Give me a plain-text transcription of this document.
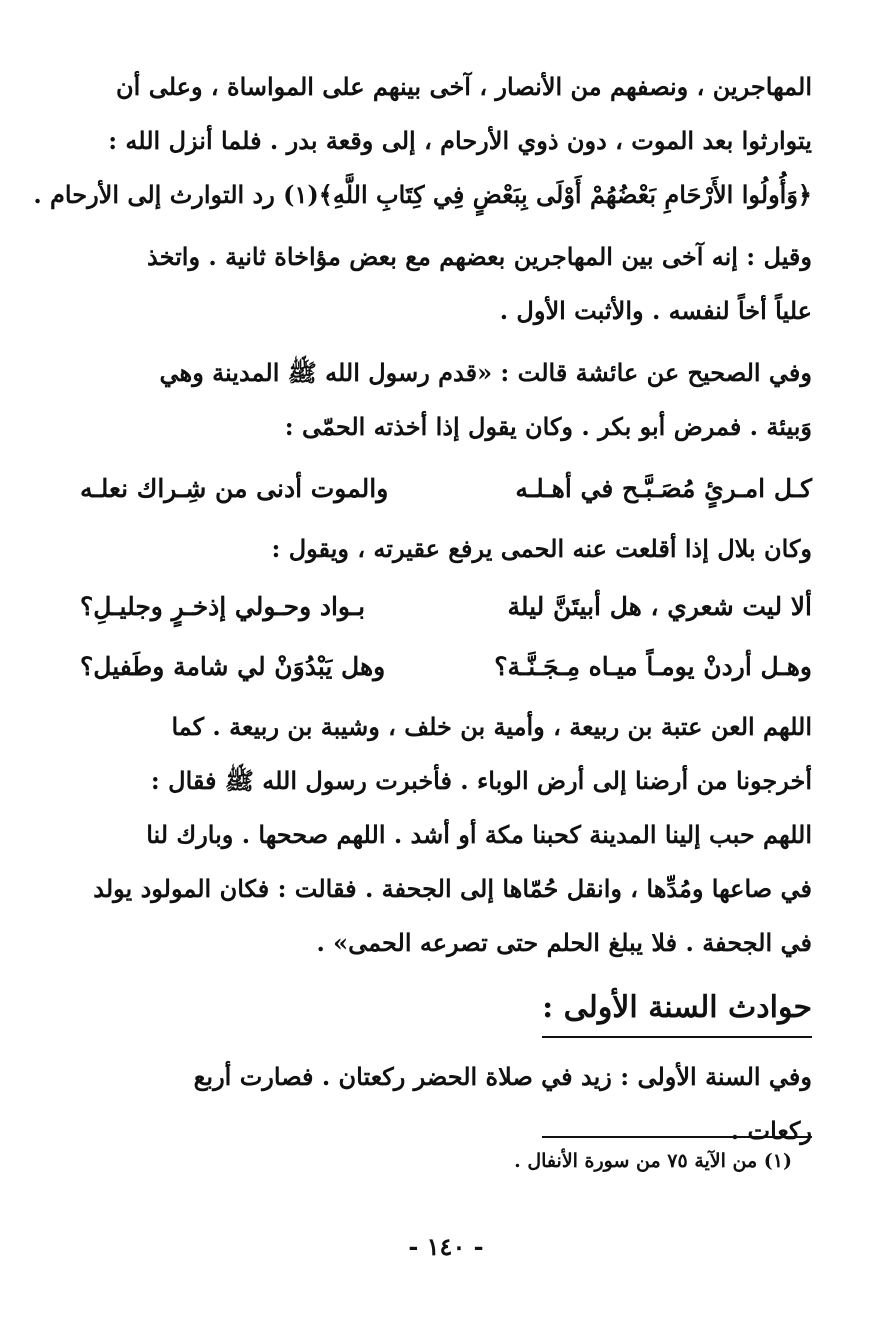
المهاجرين ، ونصفهم من الأنصار ، آخى بينهم على المواساة ، وعلى أن
يتوارثوا بعد الموت ، دون ذوي الأرحام ، إلى وقعة بدر . فلما أنزل الله :
﴿وَأُولُوا الأَرْحَامِ بَعْضُهُمْ أَوْلَى بِبَعْضٍ فِي كِتَابِ اللَّهِ﴾(١) رد التوارث إلى الأرحام .
وقيل : إنه آخى بين المهاجرين بعضهم مع بعض مؤاخاة ثانية . واتخذ
علياً أخاً لنفسه . والأثبت الأول .
وفي الصحيح عن عائشة قالت : «قدم رسول الله ﷺ المدينة وهي
وَبيئة . فمرض أبو بكر . وكان يقول إذا أخذته الحمّى :
كـل امـرئٍ مُصَـبَّـح في أهـلـه
والموت أدنى من شِـراك نعلـه
وكان بلال إذا أقلعت عنه الحمى يرفع عقيرته ، ويقول :
ألا ليت شعري ، هل أبيتَنَّ ليلة
بـواد وحـولي إذخـرٍ وجليـلِ؟
وهـل أردنْ يومـاً ميـاه مِـجَـنَّـة؟
وهل يَبْدُوَنْ لي شامة وطَفيل؟
اللهم العن عتبة بن ربيعة ، وأمية بن خلف ، وشيبة بن ربيعة . كما
أخرجونا من أرضنا إلى أرض الوباء . فأخبرت رسول الله ﷺ فقال :
اللهم حبب إلينا المدينة كحبنا مكة أو أشد . اللهم صححها . وبارك لنا
في صاعها ومُدِّها ، وانقل حُمّاها إلى الجحفة . فقالت : فكان المولود يولد
في الجحفة . فلا يبلغ الحلم حتى تصرعه الحمى» .
حوادث السنة الأولى :
وفي السنة الأولى : زيد في صلاة الحضر ركعتان . فصارت أربع
ركعات .
(١) من الآية ٧٥ من سورة الأنفال .
- ١٤٠ -
